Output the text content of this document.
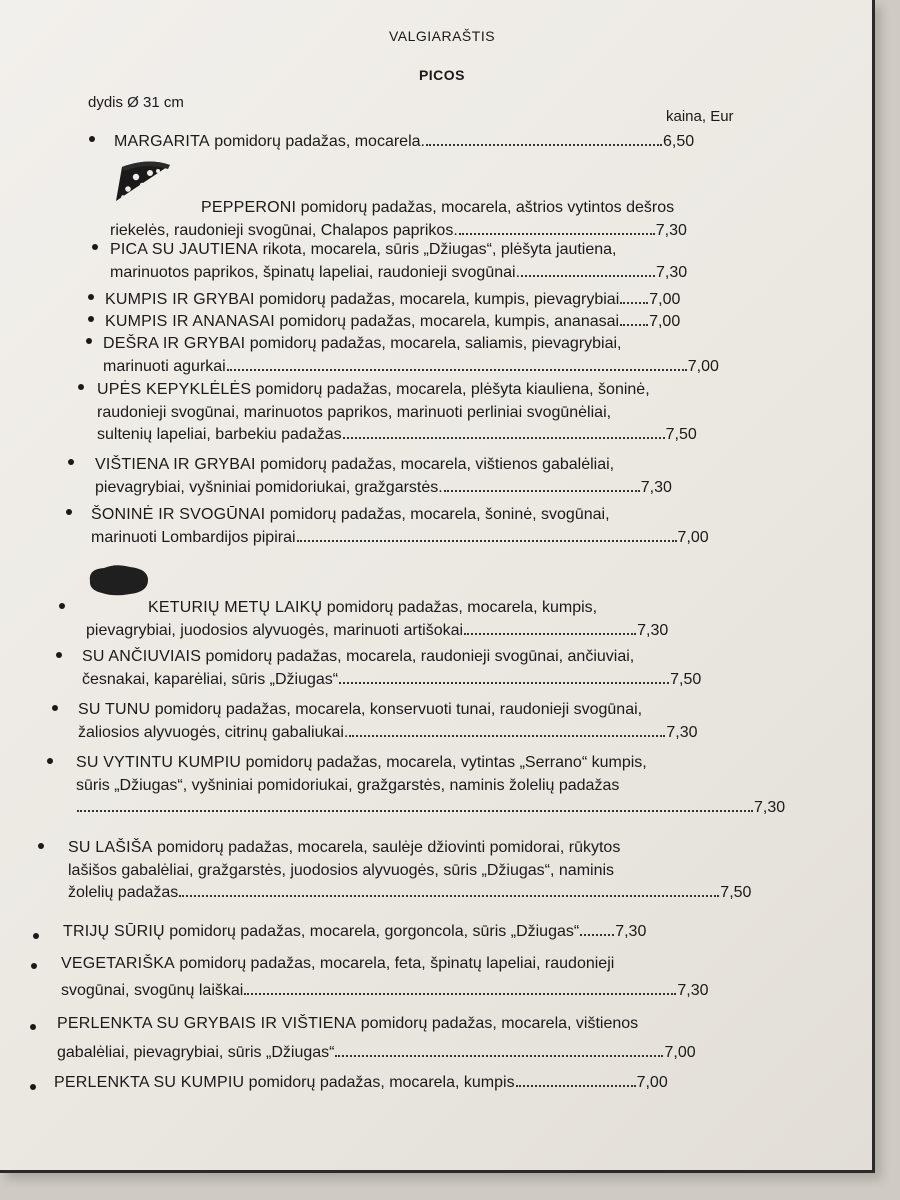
VALGIARAŠTIS
PICOS
dydis Ø 31 cm
kaina, Eur
MARGARITA pomidorų padažas, mocarela.	6,50
PEPPERONI pomidorų padažas, mocarela, aštrios vytintos dešros
riekelės, raudonieji svogūnai, Chalapos paprikos.	7,30
PICA SU JAUTIENA rikota, mocarela, sūris „Džiugas“, plėšyta jautiena,
marinuotos paprikos, špinatų lapeliai, raudonieji svogūnai.	7,30
KUMPIS IR GRYBAI pomidorų padažas, mocarela, kumpis, pievagrybiai 7,00
KUMPIS IR ANANASAI pomidorų padažas, mocarela, kumpis, ananasai 7,00
DEŠRA IR GRYBAI pomidorų padažas, mocarela, saliamis, pievagrybiai,
marinuoti agurkai	7,00
UPĖS KEPYKLĖLĖS pomidorų padažas, mocarela, plėšyta kiauliena, šoninė,
raudonieji svogūnai, marinuotos paprikos, marinuoti perliniai svogūnėliai,
sultenių lapeliai, barbekiu padažas	7,50
VIŠTIENA IR GRYBAI pomidorų padažas, mocarela, vištienos gabalėliai,
pievagrybiai, vyšniniai pomidoriukai, gražgarstės.	7,30
ŠONINĖ IR SVOGŪNAI pomidorų padažas, mocarela, šoninė, svogūnai,
marinuoti Lombardijos pipirai	7,00
KETURIŲ METŲ LAIKŲ pomidorų padažas, mocarela, kumpis,
pievagrybiai, juodosios alyvuogės, marinuoti artišokai	7,30
SU ANČIUVIAIS pomidorų padažas, mocarela, raudonieji svogūnai, ančiuviai,
česnakai, kaparėliai, sūris „Džiugas“	7,50
SU TUNU pomidorų padažas, mocarela, konservuoti tunai, raudonieji svogūnai,
žaliosios alyvuogės, citrinų gabaliukai.	7,30
SU VYTINTU KUMPIU pomidorų padažas, mocarela, vytintas „Serrano“ kumpis,
sūris „Džiugas“, vyšniniai pomidoriukai, gražgarstės, naminis žolelių padažas
7,30
SU LAŠIŠA pomidorų padažas, mocarela, saulėje džiovinti pomidorai, rūkytos
lašišos gabalėliai, gražgarstės, juodosios alyvuogės, sūris „Džiugas“, naminis
žolelių padažas	7,50
TRIJŲ SŪRIŲ pomidorų padažas, mocarela, gorgoncola, sūris „Džiugas“ 7,30
VEGETARIŠKA pomidorų padažas, mocarela, feta, špinatų lapeliai, raudonieji
svogūnai, svogūnų laiškai	7,30
PERLENKTA SU GRYBAIS IR VIŠTIENA pomidorų padažas, mocarela, vištienos
gabalėliai, pievagrybiai, sūris „Džiugas“	7,00
PERLENKTA SU KUMPIU pomidorų padažas, mocarela, kumpis	7,00
